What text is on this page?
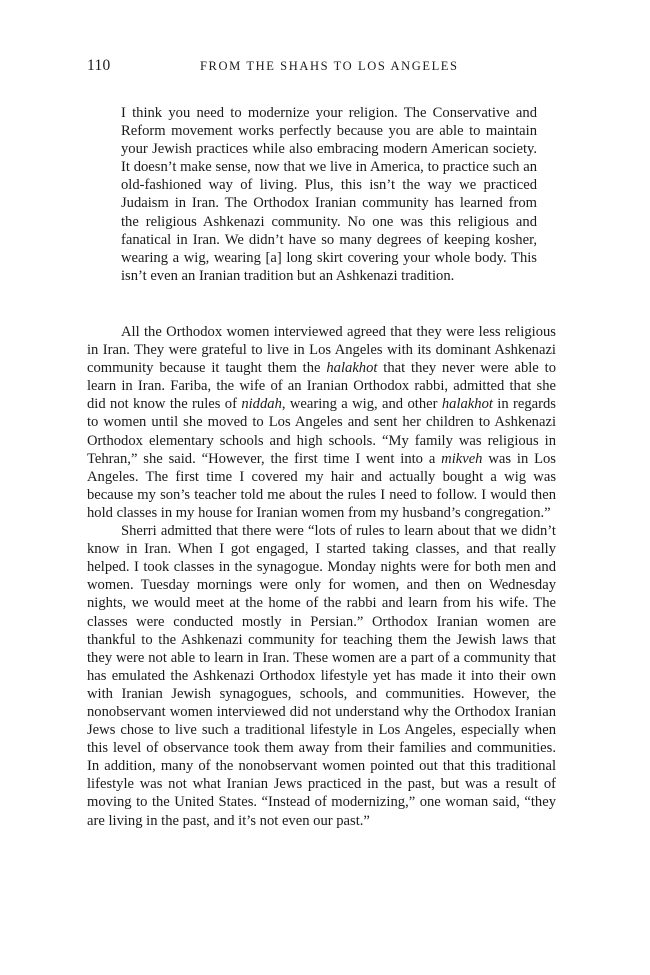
110	FROM THE SHAHS TO LOS ANGELES
I think you need to modernize your religion. The Conservative and Reform movement works perfectly because you are able to maintain your Jewish practices while also embracing modern American society. It doesn’t make sense, now that we live in America, to practice such an old-fashioned way of living. Plus, this isn’t the way we practiced Judaism in Iran. The Orthodox Iranian community has learned from the religious Ashkenazi community. No one was this religious and fanatical in Iran. We didn’t have so many degrees of keeping kosher, wearing a wig, wearing [a] long skirt covering your whole body. This isn’t even an Iranian tradition but an Ashkenazi tradition.

All the Orthodox women interviewed agreed that they were less religious in Iran. They were grateful to live in Los Angeles with its dominant Ashkenazi community because it taught them the halakhot that they never were able to learn in Iran. Fariba, the wife of an Iranian Orthodox rabbi, admitted that she did not know the rules of niddah, wearing a wig, and other halakhot in regards to women until she moved to Los Angeles and sent her children to Ashkenazi Orthodox elementary schools and high schools. “My family was religious in Tehran,” she said. “However, the first time I went into a mikveh was in Los Angeles. The first time I covered my hair and actually bought a wig was because my son’s teacher told me about the rules I need to follow. I would then hold classes in my house for Iranian women from my husband’s congregation.”

Sherri admitted that there were “lots of rules to learn about that we didn’t know in Iran. When I got engaged, I started taking classes, and that really helped. I took classes in the synagogue. Monday nights were for both men and women. Tuesday mornings were only for women, and then on Wednesday nights, we would meet at the home of the rabbi and learn from his wife. The classes were conducted mostly in Persian.” Orthodox Iranian women are thankful to the Ashkenazi community for teaching them the Jewish laws that they were not able to learn in Iran. These women are a part of a community that has emulated the Ashkenazi Orthodox lifestyle yet has made it into their own with Iranian Jewish synagogues, schools, and communities. However, the nonobservant women interviewed did not understand why the Orthodox Iranian Jews chose to live such a traditional lifestyle in Los Angeles, especially when this level of observance took them away from their families and communities. In addition, many of the nonobservant women pointed out that this traditional lifestyle was not what Iranian Jews practiced in the past, but was a result of moving to the United States. “Instead of modernizing,” one woman said, “they are living in the past, and it’s not even our past.”
